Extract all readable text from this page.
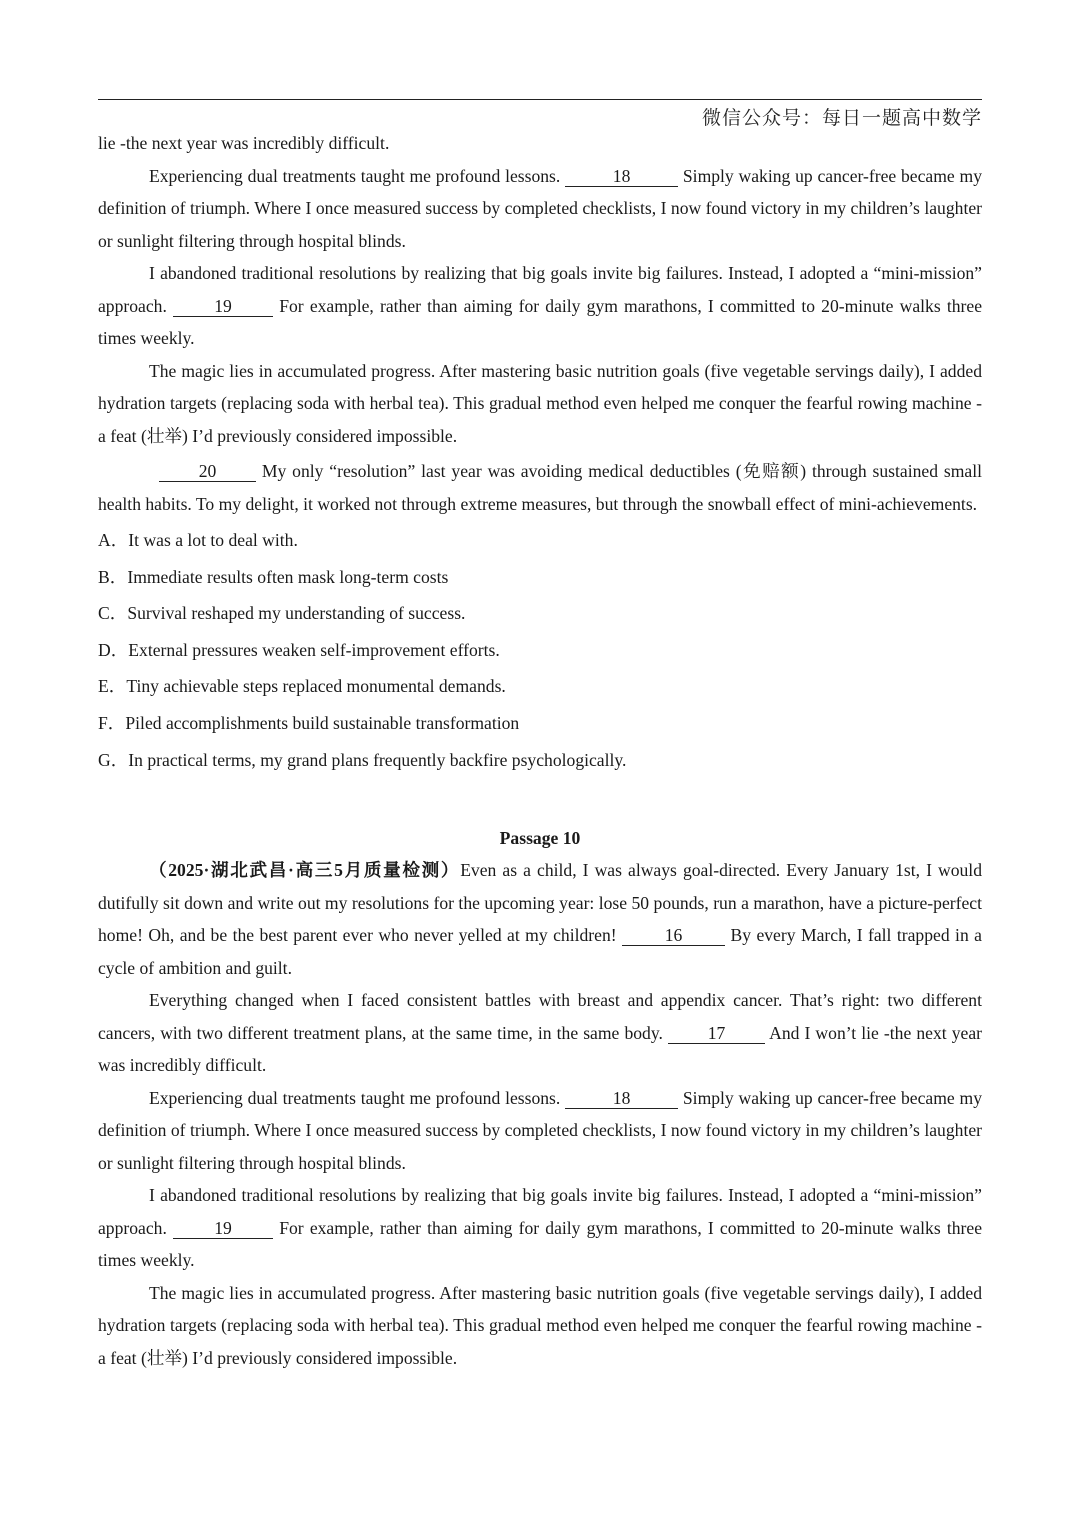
微信公众号：每日一题高中数学

lie -the next year was incredibly difficult.

Experiencing dual treatments taught me profound lessons.	18	Simply waking up cancer-free became my definition of triumph. Where I once measured success by completed checklists, I now found victory in my children’s laughter or sunlight filtering through hospital blinds.

I abandoned traditional resolutions by realizing that big goals invite big failures. Instead, I adopted a “mini-mission” approach.	19	For example, rather than aiming for daily gym marathons, I committed to 20-minute walks three times weekly.

The magic lies in accumulated progress. After mastering basic nutrition goals (five vegetable servings daily), I added hydration targets (replacing soda with herbal tea). This gradual method even helped me conquer the fearful rowing machine -a feat (壮举) I’d previously considered impossible.

20	My only “resolution” last year was avoiding medical deductibles (免赔额) through sustained small health habits. To my delight, it worked not through extreme measures, but through the snowball effect of mini-achievements.

A．It was a lot to deal with.

B．Immediate results often mask long-term costs

C．Survival reshaped my understanding of success.

D．External pressures weaken self-improvement efforts.

E．Tiny achievable steps replaced monumental demands.

F．Piled accomplishments build sustainable transformation

G．In practical terms, my grand plans frequently backfire psychologically.

Passage 10

（2025·湖北武昌·高三5月质量检测）Even as a child, I was always goal-directed. Every January 1st, I would dutifully sit down and write out my resolutions for the upcoming year: lose 50 pounds, run a marathon, have a picture-perfect home! Oh, and be the best parent ever who never yelled at my children!	16	By every March, I fall trapped in a cycle of ambition and guilt.

Everything changed when I faced consistent battles with breast and appendix cancer. That’s right: two different cancers, with two different treatment plans, at the same time, in the same body.	17 And I won’t lie -the next year was incredibly difficult.

Experiencing dual treatments taught me profound lessons.	18	Simply waking up cancer-free became my definition of triumph. Where I once measured success by completed checklists, I now found victory in my children’s laughter or sunlight filtering through hospital blinds.

I abandoned traditional resolutions by realizing that big goals invite big failures. Instead, I adopted a “mini-mission” approach.	19	For example, rather than aiming for daily gym marathons, I committed to 20-minute walks three times weekly.

The magic lies in accumulated progress. After mastering basic nutrition goals (five vegetable servings daily), I added hydration targets (replacing soda with herbal tea). This gradual method even helped me conquer the fearful rowing machine -a feat (壮举) I’d previously considered impossible.
